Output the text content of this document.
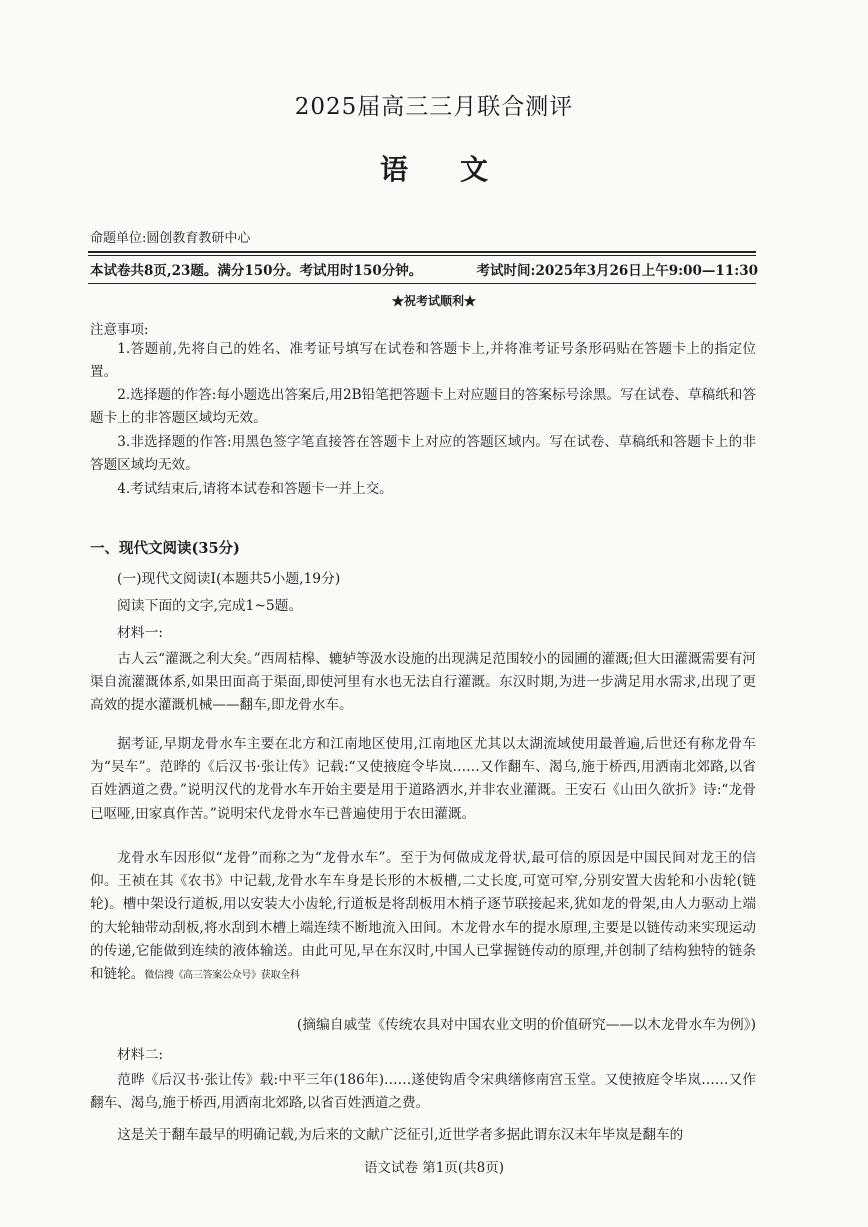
2025届高三三月联合测评
语 文
命题单位:圆创教育教研中心
本试卷共8页,23题。满分150分。考试用时150分钟。	考试时间:2025年3月26日上午9:00—11:30
★祝考试顺利★
注意事项:

1.答题前,先将自己的姓名、准考证号填写在试卷和答题卡上,并将准考证号条形码贴在答题卡上的指定位置。

2.选择题的作答:每小题选出答案后,用2B铅笔把答题卡上对应题目的答案标号涂黑。写在试卷、草稿纸和答题卡上的非答题区域均无效。

3.非选择题的作答:用黑色签字笔直接答在答题卡上对应的答题区域内。写在试卷、草稿纸和答题卡上的非答题区域均无效。

4.考试结束后,请将本试卷和答题卡一并上交。

一、现代文阅读(35分)
(一)现代文阅读Ⅰ(本题共5小题,19分)
阅读下面的文字,完成1~5题。
材料一:

古人云“灌溉之利大矣。”西周桔槔、辘轳等汲水设施的出现满足范围较小的园圃的灌溉;但大田灌溉需要有河渠自流灌溉体系,如果田面高于渠面,即使河里有水也无法自行灌溉。东汉时期,为进一步满足用水需求,出现了更高效的提水灌溉机械——翻车,即龙骨水车。

据考证,早期龙骨水车主要在北方和江南地区使用,江南地区尤其以太湖流域使用最普遍,后世还有称龙骨车为“吴车”。范晔的《后汉书·张让传》记载:“又使掖庭令毕岚……又作翻车、渴乌,施于桥西,用洒南北郊路,以省百姓洒道之费。”说明汉代的龙骨水车开始主要是用于道路洒水,并非农业灌溉。王安石《山田久欲折》诗:“龙骨已呕哑,田家真作苦。”说明宋代龙骨水车已普遍使用于农田灌溉。

龙骨水车因形似“龙骨”而称之为“龙骨水车”。至于为何做成龙骨状,最可信的原因是中国民间对龙王的信仰。王祯在其《农书》中记载,龙骨水车车身是长形的木板槽,二丈长度,可宽可窄,分别安置大齿轮和小齿轮(链轮)。槽中架设行道板,用以安装大小齿轮,行道板是将刮板用木梢子逐节联接起来,犹如龙的骨架,由人力驱动上端的大轮轴带动刮板,将水刮到木槽上端连续不断地流入田间。木龙骨水车的提水原理,主要是以链传动来实现运动的传递,它能做到连续的液体输送。由此可见,早在东汉时,中国人已掌握链传动的原理,并创制了结构独特的链条和链轮。微信搜《高三答案公众号》获取全科

(摘编自戚莹《传统农具对中国农业文明的价值研究——以木龙骨水车为例》)
材料二:

范晔《后汉书·张让传》载:中平三年(186年)……遂使钩盾令宋典缮修南宫玉堂。又使掖庭令毕岚……又作翻车、渴乌,施于桥西,用洒南北郊路,以省百姓洒道之费。

这是关于翻车最早的明确记载,为后来的文献广泛征引,近世学者多据此谓东汉末年毕岚是翻车的

语文试卷 第1页(共8页)
